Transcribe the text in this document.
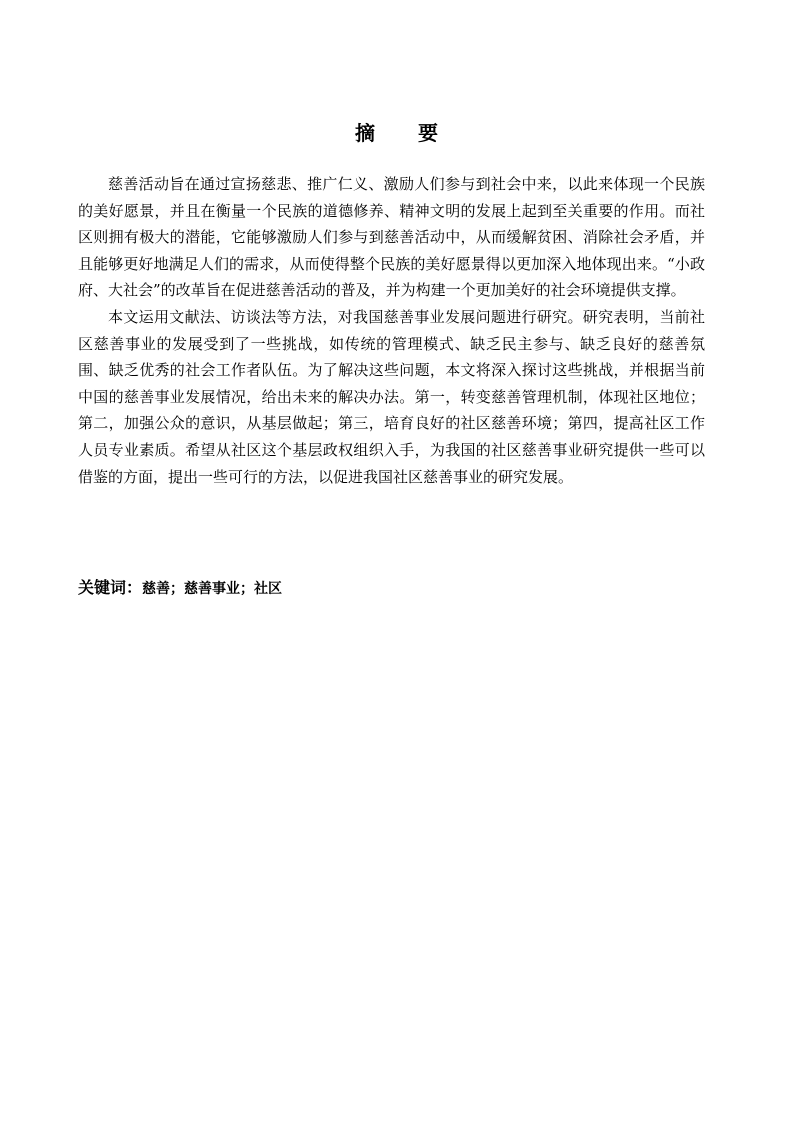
摘 要

慈善活动旨在通过宣扬慈悲、推广仁义、激励人们参与到社会中来，以此来体现一个民族的美好愿景，并且在衡量一个民族的道德修养、精神文明的发展上起到至关重要的作用。而社区则拥有极大的潜能，它能够激励人们参与到慈善活动中，从而缓解贫困、消除社会矛盾，并且能够更好地满足人们的需求，从而使得整个民族的美好愿景得以更加深入地体现出来。“小政府、大社会”的改革旨在促进慈善活动的普及，并为构建一个更加美好的社会环境提供支撑。

本文运用文献法、访谈法等方法，对我国慈善事业发展问题进行研究。研究表明，当前社区慈善事业的发展受到了一些挑战，如传统的管理模式、缺乏民主参与、缺乏良好的慈善氛围、缺乏优秀的社会工作者队伍。为了解决这些问题，本文将深入探讨这些挑战，并根据当前中国的慈善事业发展情况，给出未来的解决办法。第一，转变慈善管理机制，体现社区地位；第二，加强公众的意识，从基层做起；第三，培育良好的社区慈善环境；第四，提高社区工作人员专业素质。希望从社区这个基层政权组织入手，为我国的社区慈善事业研究提供一些可以借鉴的方面，提出一些可行的方法，以促进我国社区慈善事业的研究发展。

关键词：慈善；慈善事业；社区
